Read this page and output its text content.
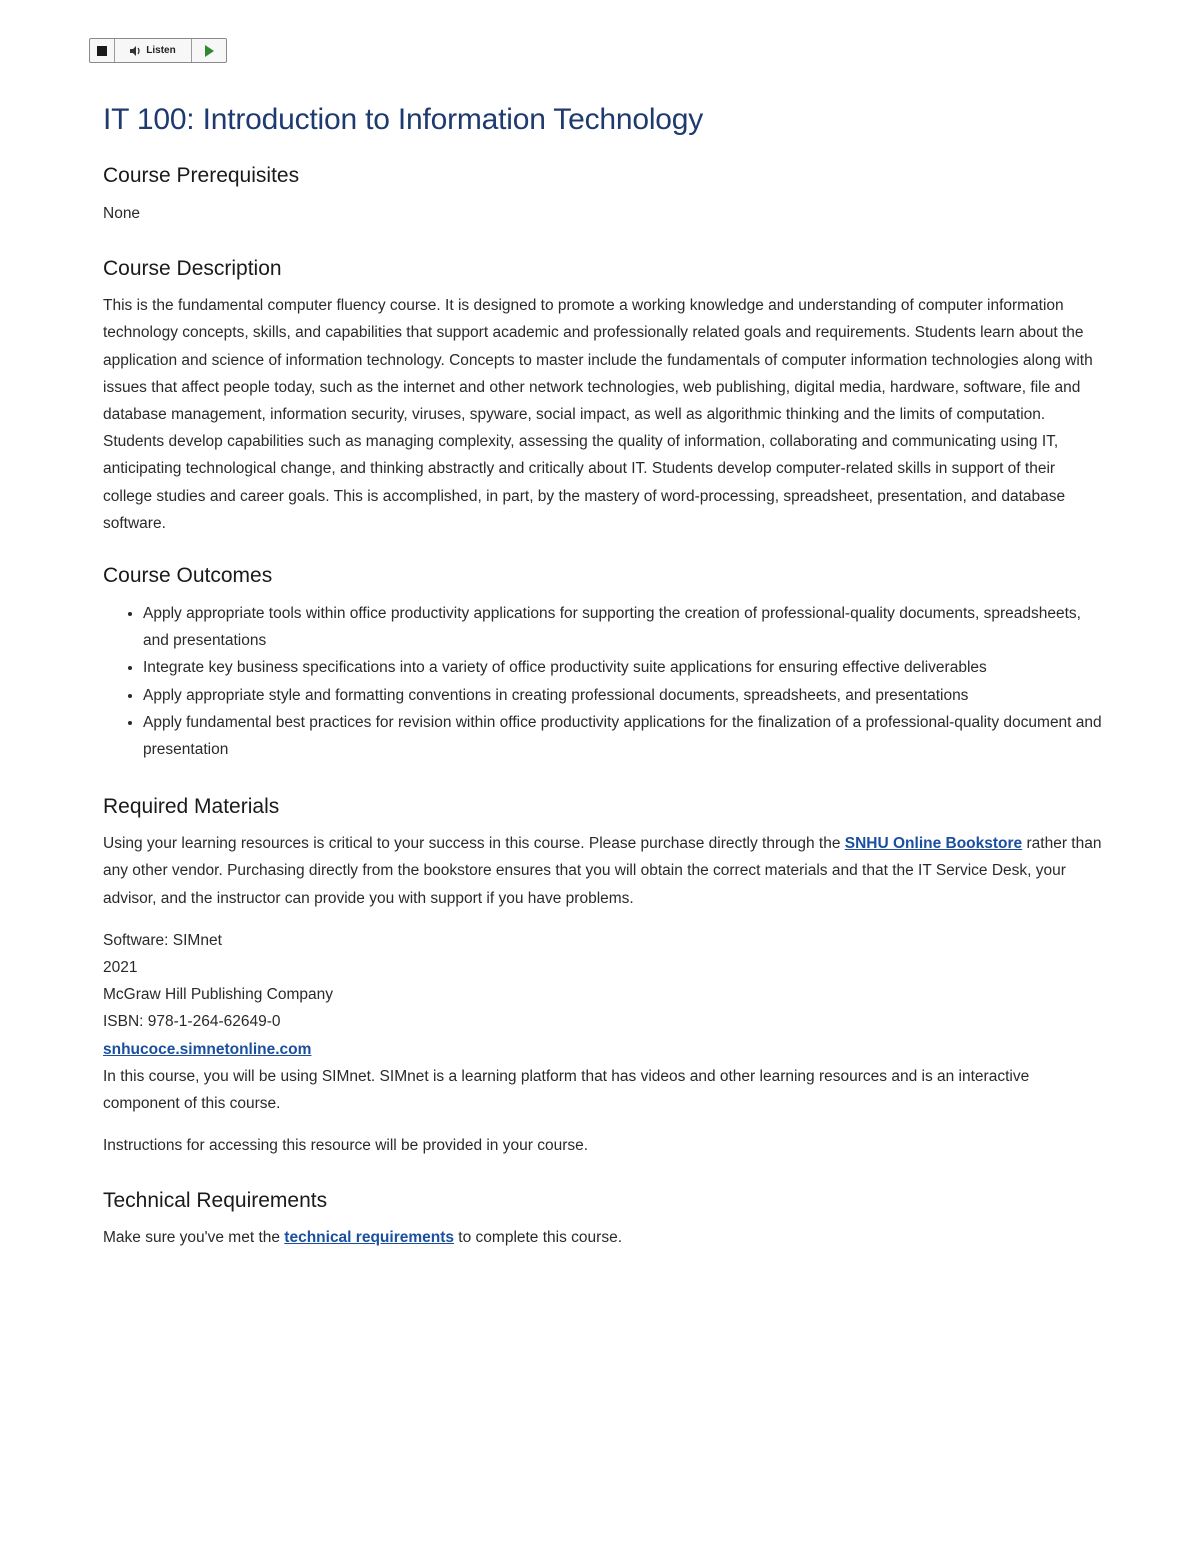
Listen
IT 100: Introduction to Information Technology
Course Prerequisites

None

Course Description

This is the fundamental computer fluency course. It is designed to promote a working knowledge and understanding of computer information technology concepts, skills, and capabilities that support academic and professionally related goals and requirements. Students learn about the application and science of information technology. Concepts to master include the fundamentals of computer information technologies along with issues that affect people today, such as the internet and other network technologies, web publishing, digital media, hardware, software, file and database management, information security, viruses, spyware, social impact, as well as algorithmic thinking and the limits of computation. Students develop capabilities such as managing complexity, assessing the quality of information, collaborating and communicating using IT, anticipating technological change, and thinking abstractly and critically about IT. Students develop computer-related skills in support of their college studies and career goals. This is accomplished, in part, by the mastery of word-processing, spreadsheet, presentation, and database software.

Course Outcomes
• Apply appropriate tools within office productivity applications for supporting the creation of professional-quality documents, spreadsheets, and presentations
• Integrate key business specifications into a variety of office productivity suite applications for ensuring effective deliverables
• Apply appropriate style and formatting conventions in creating professional documents, spreadsheets, and presentations
• Apply fundamental best practices for revision within office productivity applications for the finalization of a professional-quality document and presentation
Required Materials

Using your learning resources is critical to your success in this course. Please purchase directly through the SNHU Online Bookstore rather than any other vendor. Purchasing directly from the bookstore ensures that you will obtain the correct materials and that the IT Service Desk, your advisor, and the instructor can provide you with support if you have problems.

Software: SIMnet
2021
McGraw Hill Publishing Company
ISBN: 978-1-264-62649-0
snhucoce.simnetonline.com
In this course, you will be using SIMnet. SIMnet is a learning platform that has videos and other learning resources and is an interactive component of this course.

Instructions for accessing this resource will be provided in your course.

Technical Requirements

Make sure you've met the technical requirements to complete this course.
